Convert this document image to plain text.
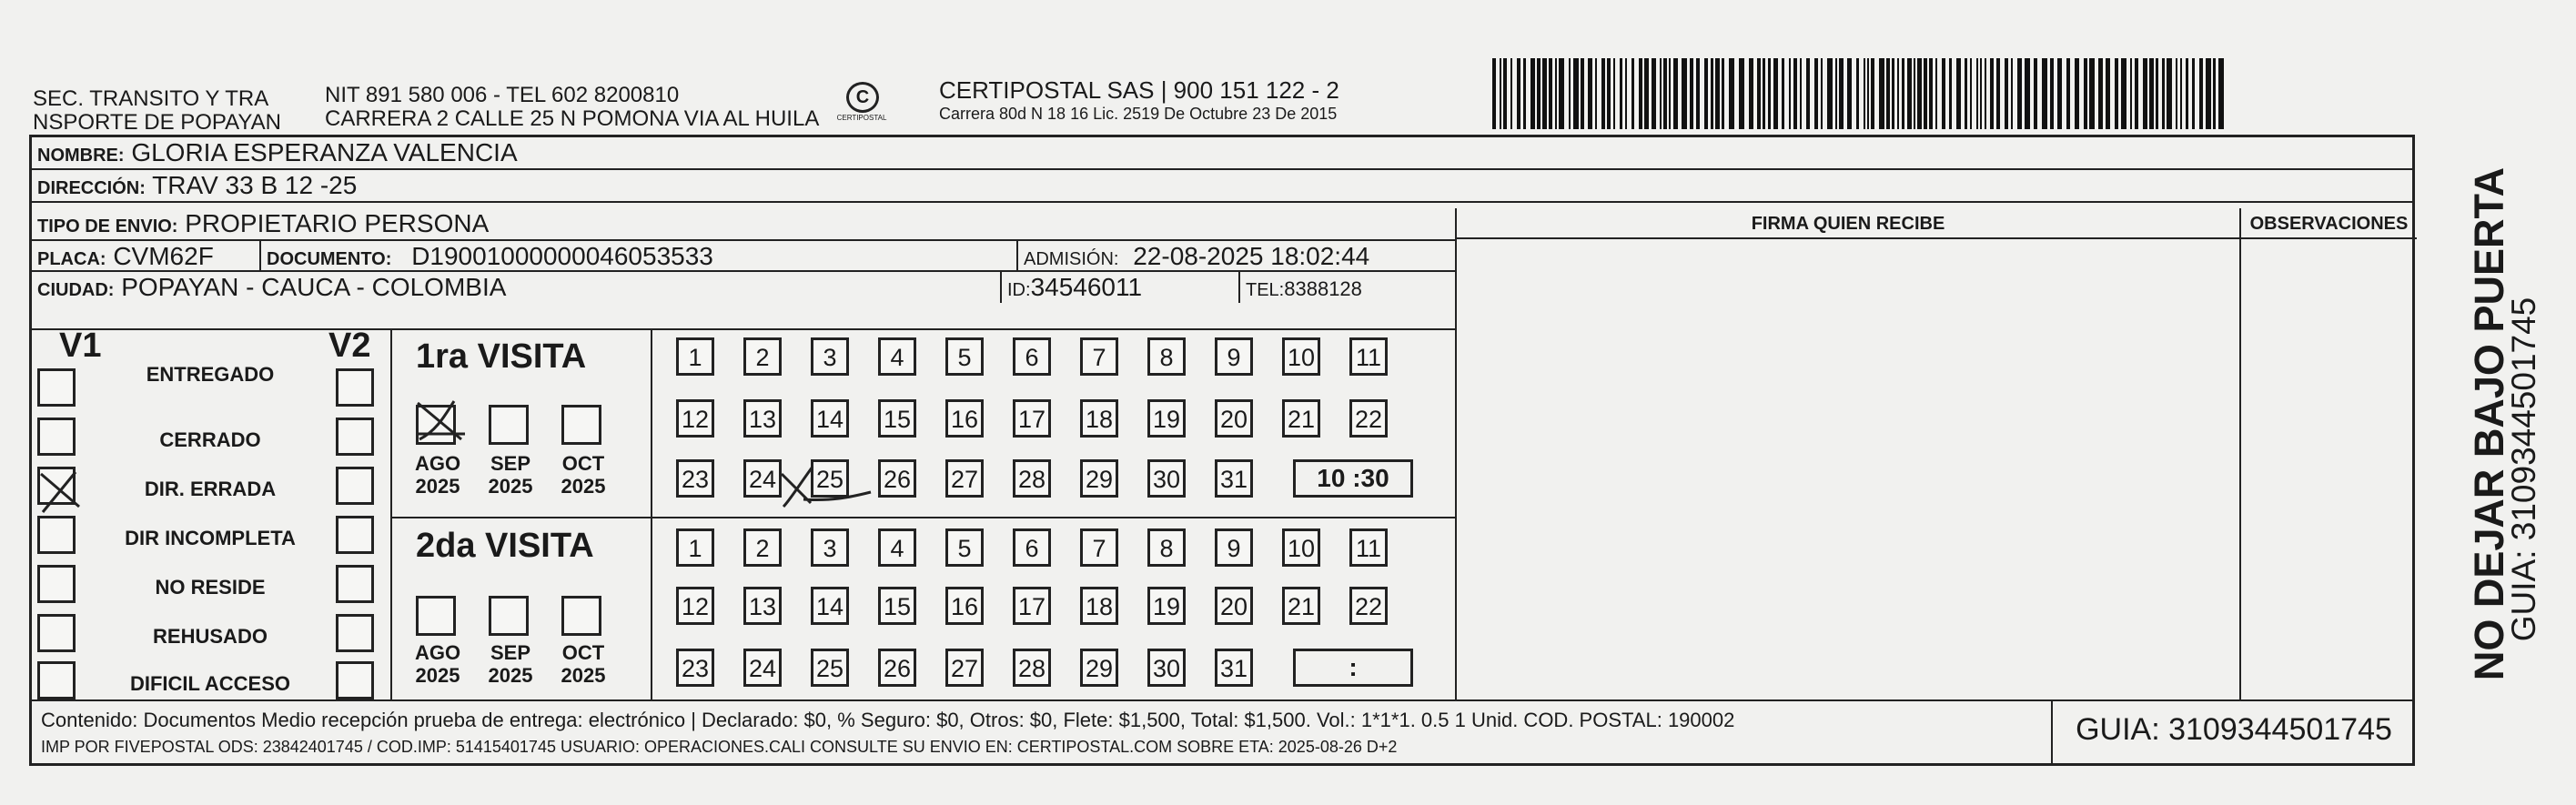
SEC. TRANSITO Y TRA
NSPORTE DE POPAYAN
NIT 891 580 006 - TEL 602 8200810
CARRERA 2 CALLE 25 N POMONA VIA AL HUILA
C
CERTIPOSTAL
CERTIPOSTAL SAS | 900 151 122 - 2
Carrera 80d N 18 16 Lic. 2519 De Octubre 23 De 2015
NOMBRE: GLORIA ESPERANZA VALENCIA
DIRECCIÓN: TRAV 33 B 12 -25
TIPO DE ENVIO: PROPIETARIO PERSONA
PLACA: CVM62F	DOCUMENTO: D19001000000046053533	ADMISIÓN: 22-08-2025 18:02:44
CIUDAD: POPAYAN - CAUCA - COLOMBIA	ID:34546011	TEL:8388128
FIRMA QUIEN RECIBE	OBSERVACIONES
V1	V2 1ra VISITA
2da VISITA
ENTREGADO
CERRADO
DIR. ERRADA
DIR INCOMPLETA
NO RESIDE
REHUSADO
DIFICIL ACCESO
AGO
2025
SEP
2025
OCT
2025
AGO
2025
SEP
2025
OCT
2025
1	2	3	4	5	6	7	8	9	10 11
12 13 14 15 16 17 18 19 20 21 22
23 24 25 26 27 28 29 30 31	10 :30
1	2	3	4	5	6	7	8	9	10 11
12 13 14 15 16 17 18 19 20 21 22
23 24 25 26 27 28 29 30 31	:
Contenido: Documentos Medio recepción prueba de entrega: electrónico | Declarado: $0, % Seguro: $0, Otros: $0, Flete: $1,500, Total: $1,500. Vol.: 1*1*1. 0.5 1 Unid. COD. POSTAL: 190002
IMP POR FIVEPOSTAL ODS: 23842401745 / COD.IMP: 51415401745 USUARIO: OPERACIONES.CALI CONSULTE SU ENVIO EN: CERTIPOSTAL.COM SOBRE ETA: 2025-08-26 D+2	GUIA: 3109344501745
NO DEJAR BAJO PUERTA
GUIA: 3109344501745
